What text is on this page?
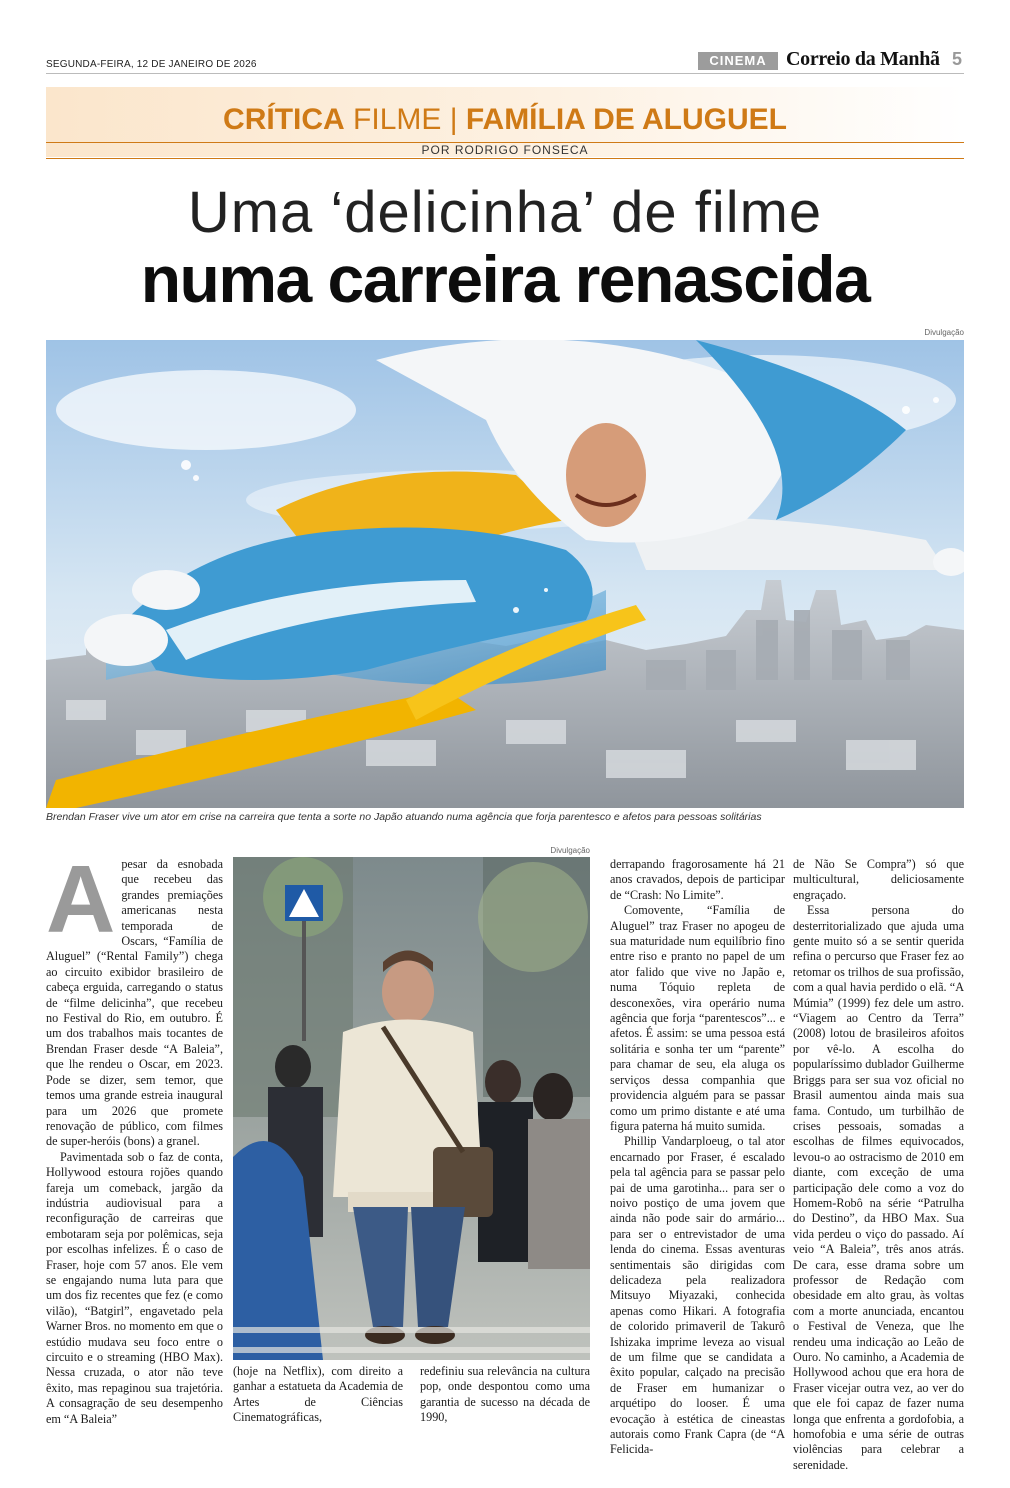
SEGUNDA-FEIRA, 12 DE JANEIRO DE 2026	CINEMA Correio da Manhã 5
CRÍTICA FILME | FAMÍLIA DE ALUGUEL
POR RODRIGO FONSECA
Uma ‘delicinha’ de filme
numa carreira renascida
Divulgação
Brendan Fraser vive um ator em crise na carreira que tenta a sorte no Japão atuando numa agência que forja parentesco e afetos para pessoas solitárias
A pesar da esnobada que recebeu das grandes premiações americanas nesta temporada de Oscars, “Família de Aluguel” (“Rental Family”) chega ao circuito exibidor brasileiro de cabeça erguida, carregando o status de “filme delicinha”, que recebeu no Festival do Rio, em outubro. É um dos trabalhos mais tocantes de Brendan Fraser desde “A Baleia”, que lhe rendeu o Oscar, em 2023. Pode se dizer, sem temor, que temos uma grande estreia inaugural para um 2026 que promete renovação de público, com filmes de super-heróis (bons) a granel.

Pavimentada sob o faz de conta, Hollywood estoura rojões quando fareja um comeback, jargão da indústria audiovisual para a reconfiguração de carreiras que embotaram seja por polêmicas, seja por escolhas infelizes. É o caso de Fraser, hoje com 57 anos. Ele vem se engajando numa luta para que um dos fiz recentes que fez (e como vilão), “Batgirl”, engavetado pela Warner Bros. no momento em que o estúdio mudava seu foco entre o circuito e o streaming (HBO Max). Nessa cruzada, o ator não teve êxito, mas repaginou sua trajetória. A consagração de seu desempenho em “A Baleia”

Divulgação
(hoje na Netflix), com direito a ganhar a estatueta da Academia de Artes de Ciências Cinematográficas,
redefiniu sua relevância na cultura pop, onde despontou como uma garantia de sucesso na década de 1990,

derrapando fragorosamente há 21 anos cravados, depois de participar de “Crash: No Limite”.

Comovente, “Família de Aluguel” traz Fraser no apogeu de sua maturidade num equilíbrio fino entre riso e pranto no papel de um ator falido que vive no Japão e, numa Tóquio repleta de desconexões, vira operário numa agência que forja “parentescos”... e afetos. É assim: se uma pessoa está solitária e sonha ter um “parente” para chamar de seu, ela aluga os serviços dessa companhia que providencia alguém para se passar como um primo distante e até uma figura paterna há muito sumida.

Phillip Vandarploeug, o tal ator encarnado por Fraser, é escalado pela tal agência para se passar pelo pai de uma garotinha... para ser o noivo postiço de uma jovem que ainda não pode sair do armário... para ser o entrevistador de uma lenda do cinema. Essas aventuras sentimentais são dirigidas com delicadeza pela realizadora Mitsuyo Miyazaki, conhecida apenas como Hikari. A fotografia de colorido primaveril de Takurô Ishizaka imprime leveza ao visual de um filme que se candidata a êxito popular, calçado na precisão de Fraser em humanizar o arquétipo do looser. É uma evocação à estética de cineastas autorais como Frank Capra (de “A Felicida-

de Não Se Compra”) só que multicultural, deliciosamente engraçado.

Essa persona do desterritorializado que ajuda uma gente muito só a se sentir querida refina o percurso que Fraser fez ao retomar os trilhos de sua profissão, com a qual havia perdido o elã. “A Múmia” (1999) fez dele um astro. “Viagem ao Centro da Terra” (2008) lotou de brasileiros afoitos por vê-lo. A escolha do popularíssimo dublador Guilherme Briggs para ser sua voz oficial no Brasil aumentou ainda mais sua fama. Contudo, um turbilhão de crises pessoais, somadas a escolhas de filmes equivocados, levou-o ao ostracismo de 2010 em diante, com exceção de uma participação dele como a voz do Homem-Robô na série “Patrulha do Destino”, da HBO Max. Sua vida perdeu o viço do passado. Aí veio “A Baleia”, três anos atrás. De cara, esse drama sobre um professor de Redação com obesidade em alto grau, às voltas com a morte anunciada, encantou o Festival de Veneza, que lhe rendeu uma indicação ao Leão de Ouro. No caminho, a Academia de Hollywood achou que era hora de Fraser vicejar outra vez, ao ver do que ele foi capaz de fazer numa longa que enfrenta a gordofobia, a homofobia e uma série de outras violências para celebrar a serenidade.
